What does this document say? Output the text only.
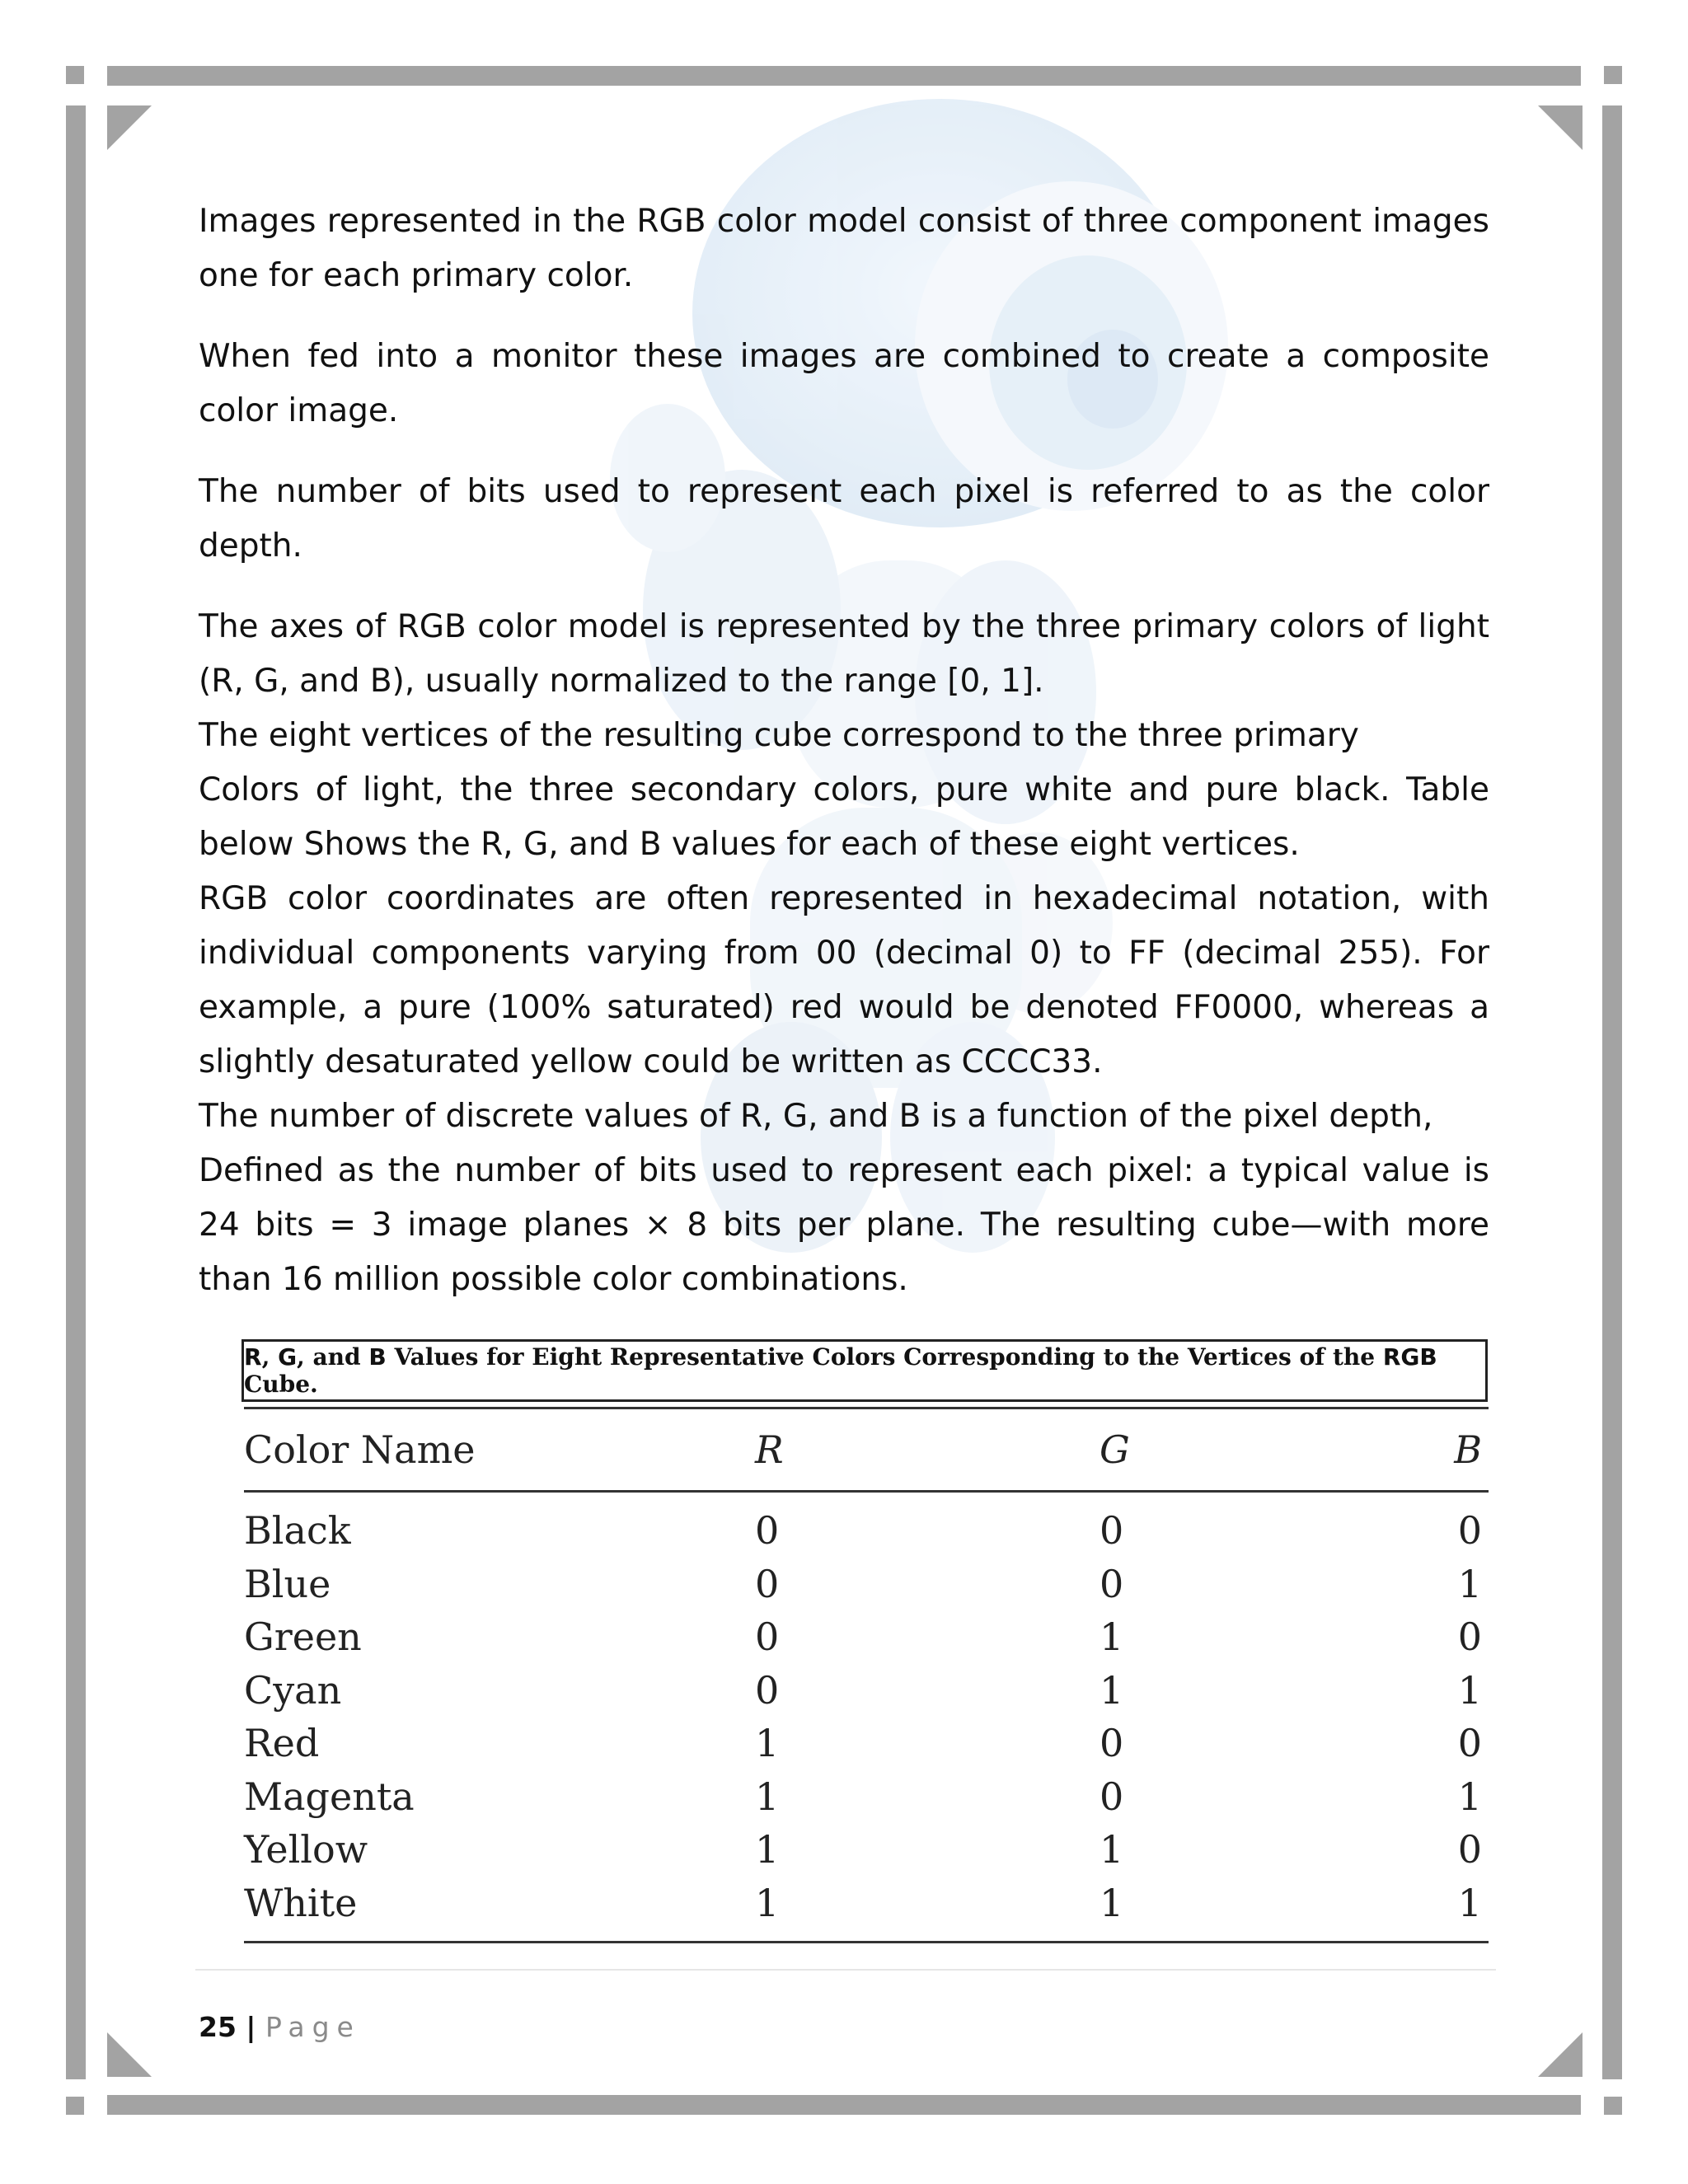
Images represented in the RGB color model consist of three component images one for each primary color.

When fed into a monitor these images are combined to create a composite color image.

The number of bits used to represent each pixel is referred to as the color depth.

The axes of RGB color model is represented by the three primary colors of light (R, G, and B), usually normalized to the range [0, 1].

The eight vertices of the resulting cube correspond to the three primary

Colors of light, the three secondary colors, pure white and pure black. Table below Shows the R, G, and B values for each of these eight vertices.

RGB color coordinates are often represented in hexadecimal notation, with individual components varying from 00 (decimal 0) to FF (decimal 255). For example, a pure (100% saturated) red would be denoted FF0000, whereas a slightly desaturated yellow could be written as CCCC33.

The number of discrete values of R, G, and B is a function of the pixel depth,

Defined as the number of bits used to represent each pixel: a typical value is 24 bits = 3 image planes × 8 bits per plane. The resulting cube—with more than 16 million possible color combinations.

R, G, and B Values for Eight Representative Colors Corresponding to the Vertices of the RGB Cube.
Color Name	R	G	B
Black	0	0	0
Blue	0	0	1
Green	0	1	0
Cyan	0	1	1
Red	1	0	0
Magenta	1	0	1
Yellow	1	1	0
White	1	1	1
25 | Page
